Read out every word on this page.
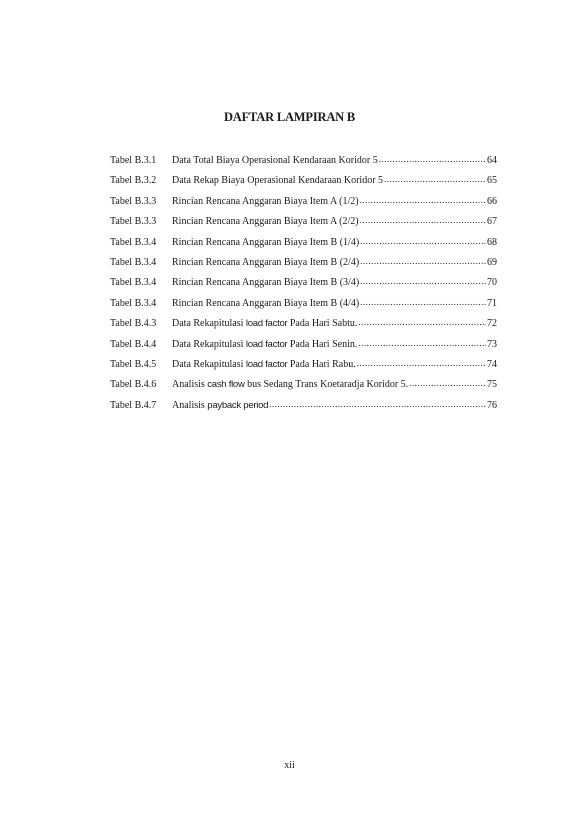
DAFTAR LAMPIRAN B
Tabel B.3.1	Data Total Biaya Operasional Kendaraan Koridor 5 .....	64
Tabel B.3.2	Data Rekap Biaya Operasional Kendaraan Koridor 5 .....	65
Tabel B.3.3	Rincian Rencana Anggaran Biaya Item A (1/2) .....	66
Tabel B.3.3	Rincian Rencana Anggaran Biaya Item A (2/2) .....	67
Tabel B.3.4	Rincian Rencana Anggaran Biaya Item B (1/4) .....	68
Tabel B.3.4	Rincian Rencana Anggaran Biaya Item B (2/4) .....	69
Tabel B.3.4	Rincian Rencana Anggaran Biaya Item B (3/4) .....	70
Tabel B.3.4	Rincian Rencana Anggaran Biaya Item B (4/4) .....	71
Tabel B.4.3	Data Rekapitulasi load factor Pada Hari Sabtu. .....	72
Tabel B.4.4	Data Rekapitulasi load factor Pada Hari Senin. .....	73
Tabel B.4.5	Data Rekapitulasi load factor Pada Hari Rabu. .....	74
Tabel B.4.6	Analisis cash flow bus Sedang Trans Koetaradja Koridor 5. .....	75
Tabel B.4.7	Analisis payback period .....	76
xii
